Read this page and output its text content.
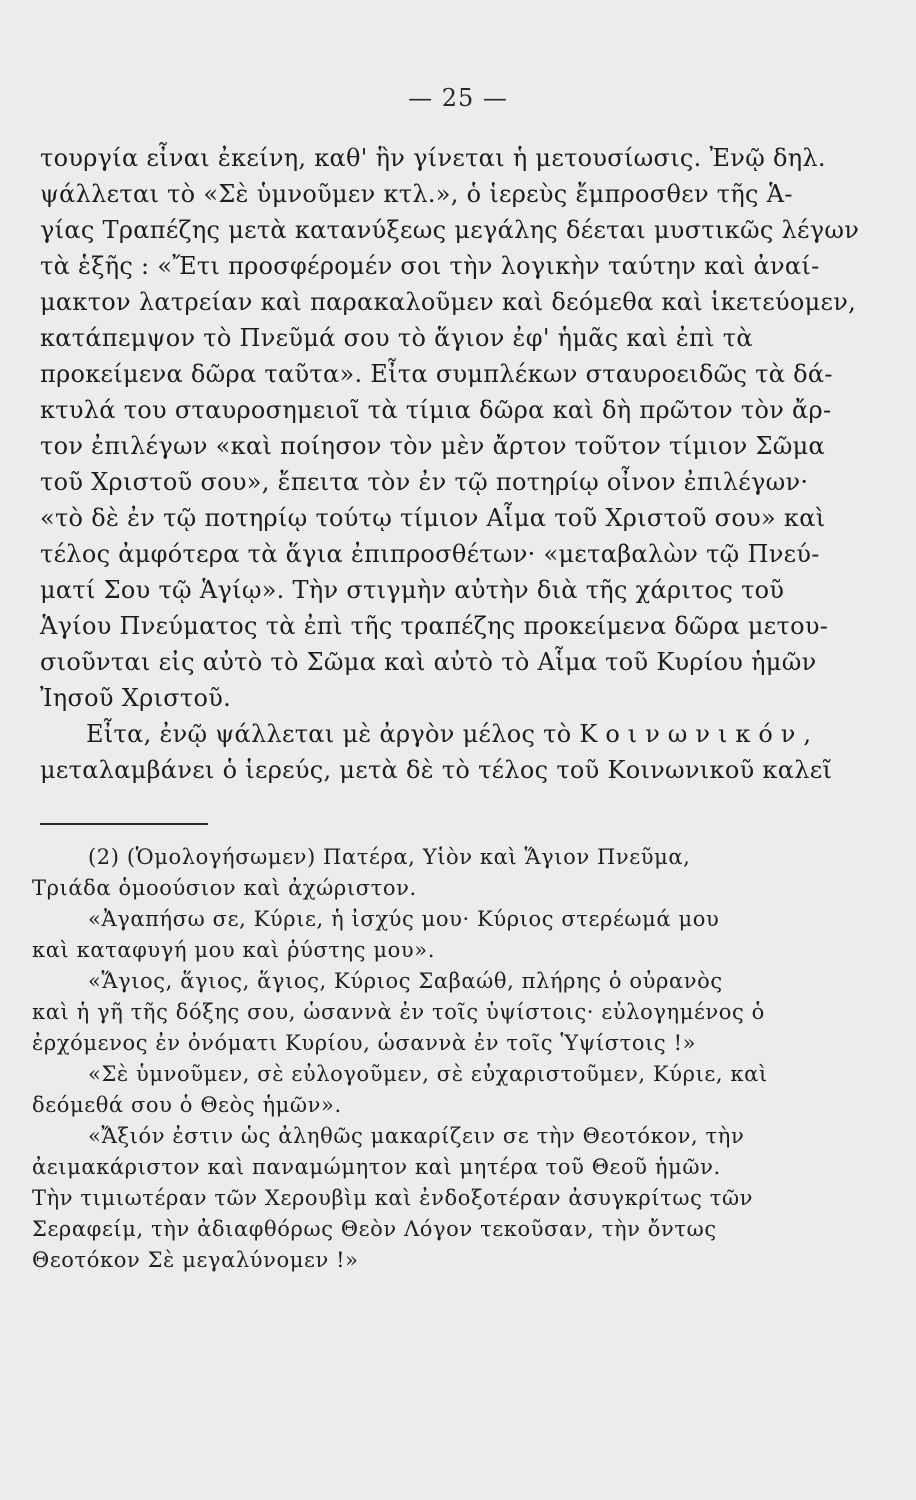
— 25 —
τουργία εἶναι ἐκείνη, καθ' ἣν γίνεται ἡ μετουσίωσις. Ἐνῷ δηλ.
ψάλλεται τὸ «Σὲ ὑμνοῦμεν κτλ.», ὁ ἱερεὺς ἔμπροσθεν τῆς Ἁ-
γίας Τραπέζης μετὰ κατανύξεως μεγάλης δέεται μυστικῶς λέγων
τὰ ἑξῆς : «Ἔτι προσφέρομέν σοι τὴν λογικὴν ταύτην καὶ ἀναί-
μακτον λατρείαν καὶ παρακαλοῦμεν καὶ δεόμεθα καὶ ἱκετεύομεν,
κατάπεμψον τὸ Πνεῦμά σου τὸ ἅγιον ἐφ' ἡμᾶς καὶ ἐπὶ τὰ
προκείμενα δῶρα ταῦτα». Εἶτα συμπλέκων σταυροειδῶς τὰ δά-
κτυλά του σταυροσημειοῖ τὰ τίμια δῶρα καὶ δὴ πρῶτον τὸν ἄρ-
τον ἐπιλέγων «καὶ ποίησον τὸν μὲν ἄρτον τοῦτον τίμιον Σῶμα
τοῦ Χριστοῦ σου», ἔπειτα τὸν ἐν τῷ ποτηρίῳ οἶνον ἐπιλέγων·
«τὸ δὲ ἐν τῷ ποτηρίῳ τούτῳ τίμιον Αἷμα τοῦ Χριστοῦ σου» καὶ
τέλος ἀμφότερα τὰ ἅγια ἐπιπροσθέτων· «μεταβαλὼν τῷ Πνεύ-
ματί Σου τῷ Ἁγίῳ». Τὴν στιγμὴν αὐτὴν διὰ τῆς χάριτος τοῦ
Ἁγίου Πνεύματος τὰ ἐπὶ τῆς τραπέζης προκείμενα δῶρα μετου-
σιοῦνται εἰς αὐτὸ τὸ Σῶμα καὶ αὐτὸ τὸ Αἷμα τοῦ Κυρίου ἡμῶν
Ἰησοῦ Χριστοῦ.
Εἶτα, ἐνῷ ψάλλεται μὲ ἀργὸν μέλος τὸ Κοινωνικόν,
μεταλαμβάνει ὁ ἱερεύς, μετὰ δὲ τὸ τέλος τοῦ Κοινωνικοῦ καλεῖ
(2) (Ὁμολογήσωμεν) Πατέρα, Υἱὸν καὶ Ἅγιον Πνεῦμα,
Τριάδα ὁμοούσιον καὶ ἀχώριστον.
«Ἀγαπήσω σε, Κύριε, ἡ ἰσχύς μου· Κύριος στερέωμά μου
καὶ καταφυγή μου καὶ ῥύστης μου».
«Ἅγιος, ἅγιος, ἅγιος, Κύριος Σαβαώθ, πλήρης ὁ οὐρανὸς
καὶ ἡ γῆ τῆς δόξης σου, ὡσαννὰ ἐν τοῖς ὑψίστοις· εὐλογημένος ὁ
ἐρχόμενος ἐν ὀνόματι Κυρίου, ὡσαννὰ ἐν τοῖς Ὑψίστοις !»
«Σὲ ὑμνοῦμεν, σὲ εὐλογοῦμεν, σὲ εὐχαριστοῦμεν, Κύριε, καὶ
δεόμεθά σου ὁ Θεὸς ἡμῶν».
«Ἄξιόν ἐστιν ὡς ἀληθῶς μακαρίζειν σε τὴν Θεοτόκον, τὴν
ἀειμακάριστον καὶ παναμώμητον καὶ μητέρα τοῦ Θεοῦ ἡμῶν.
Τὴν τιμιωτέραν τῶν Χερουβὶμ καὶ ἐνδοξοτέραν ἀσυγκρίτως τῶν
Σεραφείμ, τὴν ἀδιαφθόρως Θεὸν Λόγον τεκοῦσαν, τὴν ὄντως
Θεοτόκον Σὲ μεγαλύνομεν !»
